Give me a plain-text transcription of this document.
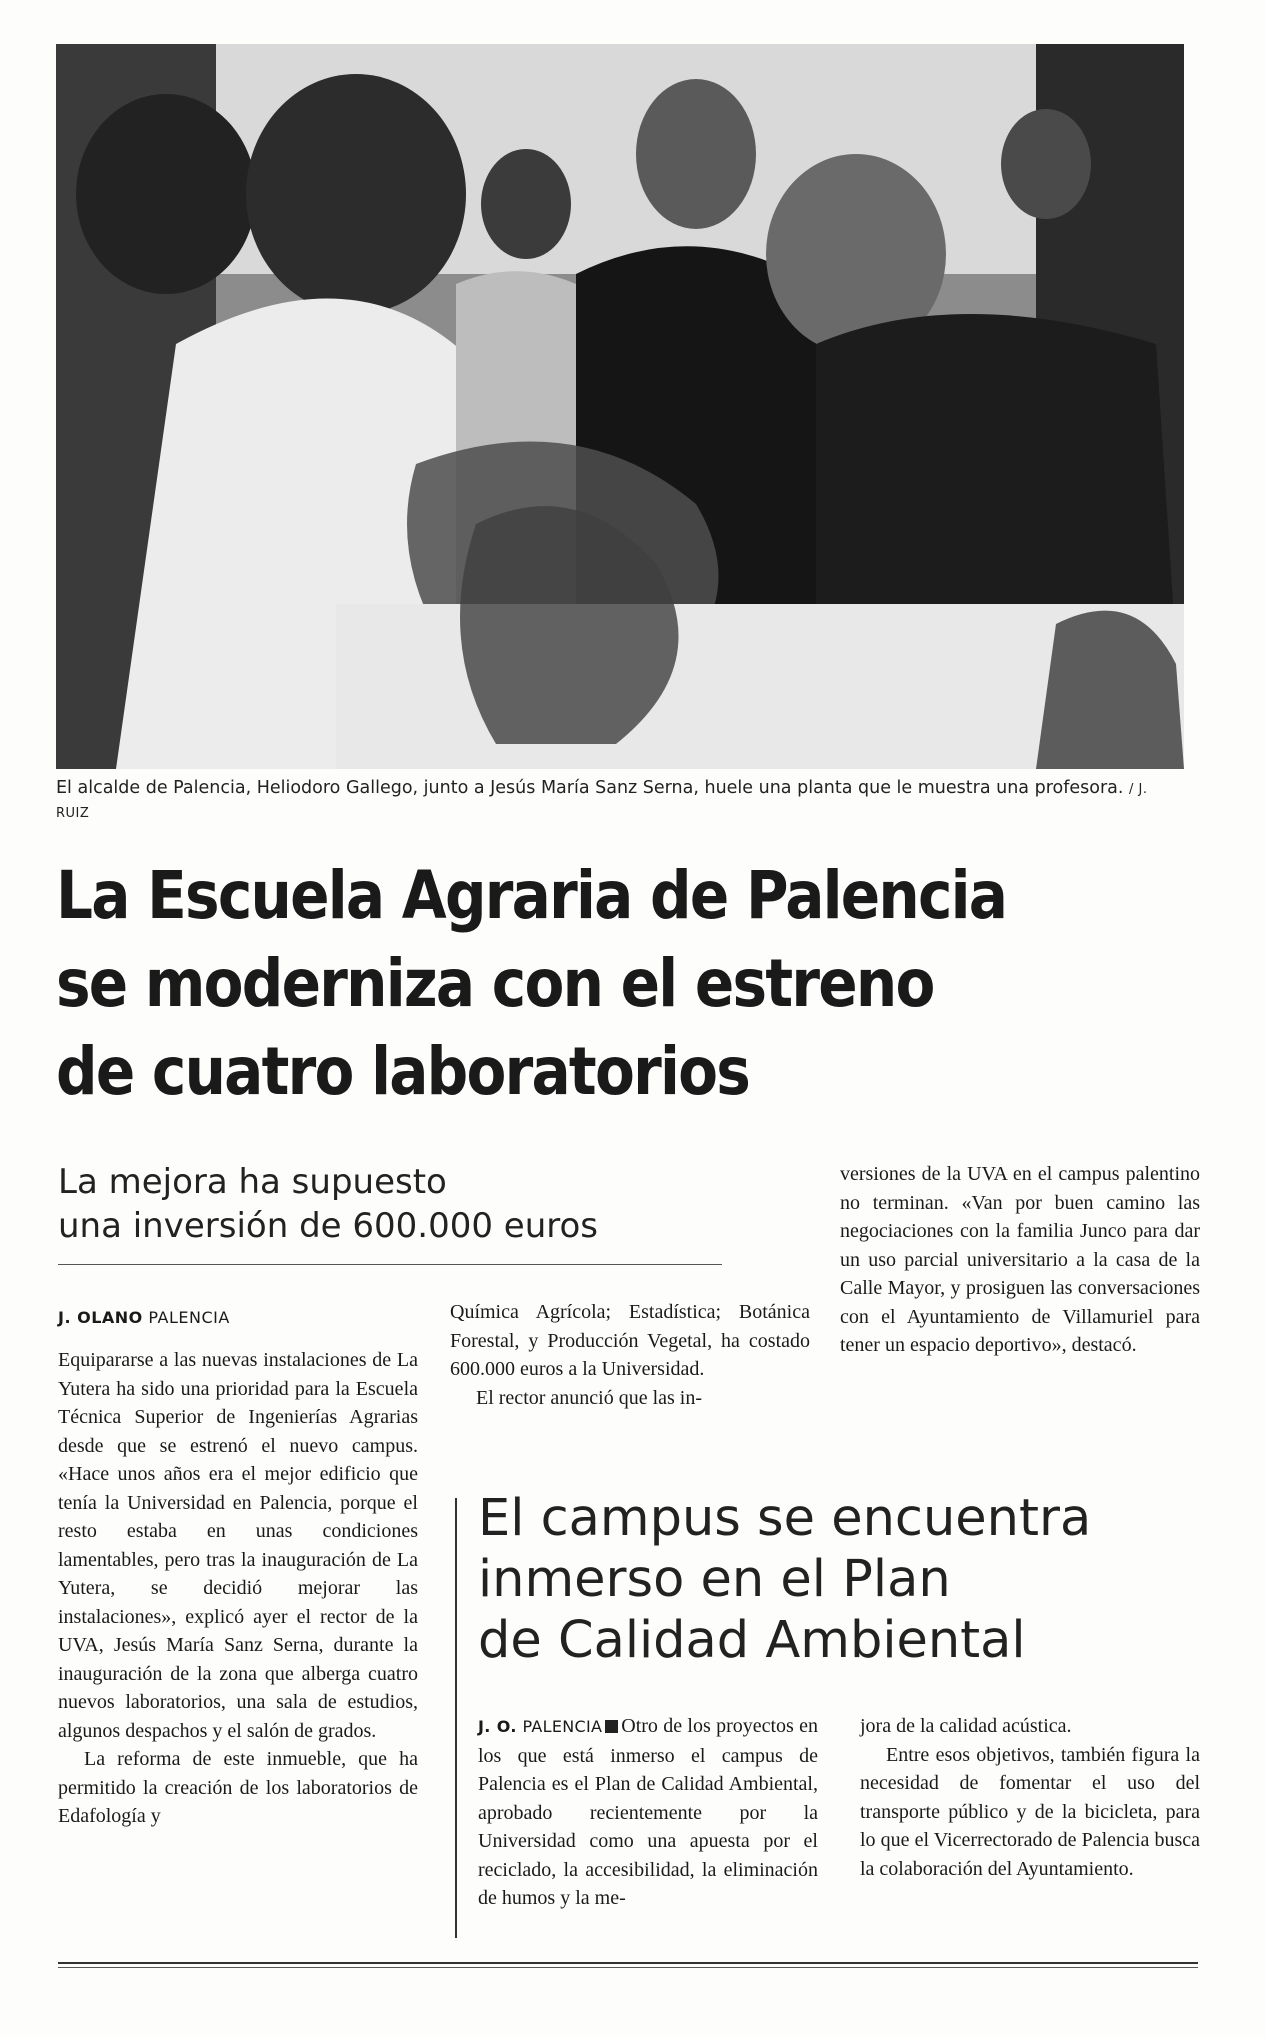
El alcalde de Palencia, Heliodoro Gallego, junto a Jesús María Sanz Serna, huele una planta que le muestra una profesora. / J. RUIZ
La Escuela Agraria de Palencia
se moderniza con el estreno
de cuatro laboratorios
La mejora ha supuesto
una inversión de 600.000 euros
J. OLANO PALENCIA

Equipararse a las nuevas instalaciones de La Yutera ha sido una prioridad para la Escuela Técnica Superior de Ingenierías Agrarias desde que se estrenó el nuevo campus. «Hace unos años era el mejor edificio que tenía la Universidad en Palencia, porque el resto estaba en unas condiciones lamentables, pero tras la inauguración de La Yutera, se decidió mejorar las instalaciones», explicó ayer el rector de la UVA, Jesús María Sanz Serna, durante la inauguración de la zona que alberga cuatro nuevos laboratorios, una sala de estudios, algunos despachos y el salón de grados.

La reforma de este inmueble, que ha permitido la creación de los laboratorios de Edafología y

Química Agrícola; Estadística; Botánica Forestal, y Producción Vegetal, ha costado 600.000 euros a la Universidad.

El rector anunció que las in-

versiones de la UVA en el campus palentino no terminan. «Van por buen camino las negociaciones con la familia Junco para dar un uso parcial universitario a la casa de la Calle Mayor, y prosiguen las conversaciones con el Ayuntamiento de Villamuriel para tener un espacio deportivo», destacó.

El campus se encuentra
inmerso en el Plan
de Calidad Ambiental

J. O. PALENCIA Otro de los proyectos en los que está inmerso el campus de Palencia es el Plan de Calidad Ambiental, aprobado recientemente por la Universidad como una apuesta por el reciclado, la accesibilidad, la eliminación de humos y la me-

jora de la calidad acústica.

Entre esos objetivos, también figura la necesidad de fomentar el uso del transporte público y de la bicicleta, para lo que el Vicerrectorado de Palencia busca la colaboración del Ayuntamiento.
